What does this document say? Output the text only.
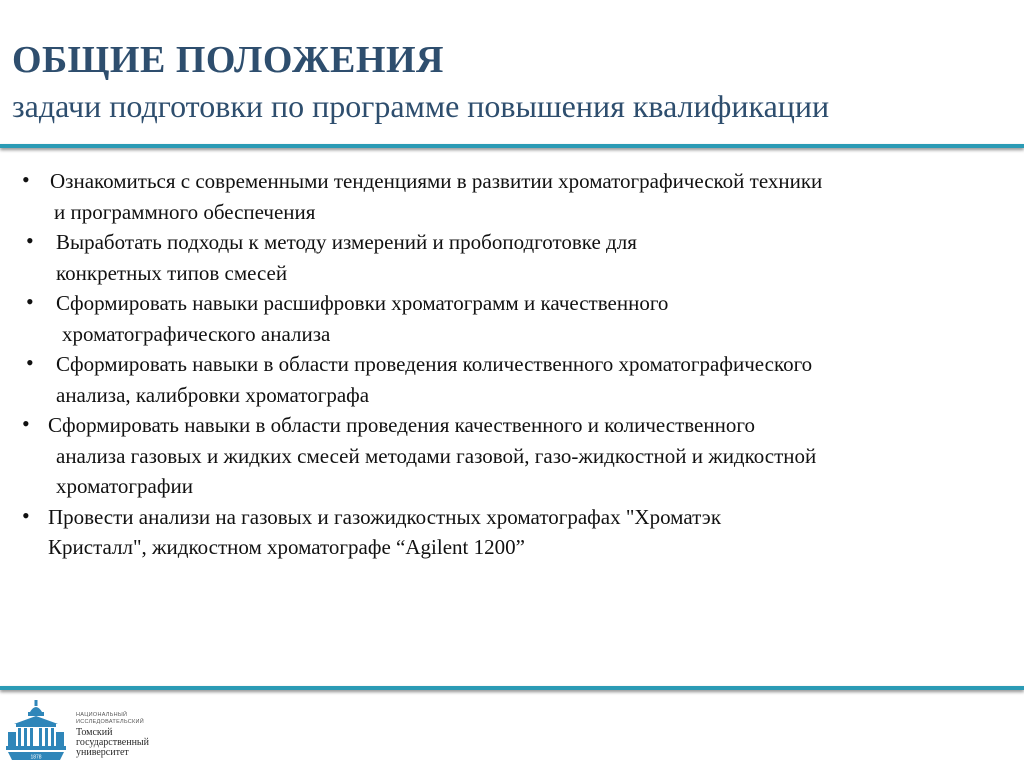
ОБЩИЕ ПОЛОЖЕНИЯ
задачи подготовки по программе повышения квалификации
• Ознакомиться с современными тенденциями в развитии хроматографической техники
и программного обеспечения
• Выработать подходы к методу измерений и пробоподготовке для
конкретных типов смесей
• Сформировать навыки расшифровки хроматограмм и качественного
хроматографического анализа
• Сформировать навыки в области проведения количественного хроматографического
анализа, калибровки хроматографа
• Сформировать навыки в области проведения качественного и количественного
анализа газовых и жидких смесей методами газовой, газо-жидкостной и жидкостной
хроматографии
• Провести анализи на газовых и газожидкостных хроматографах "Хроматэк
Кристалл", жидкостном хроматографе “Agilent 1200”
1878
НАЦИОНАЛЬНЫЙ
ИССЛЕДОВАТЕЛЬСКИЙ
Томский
государственный
университет
